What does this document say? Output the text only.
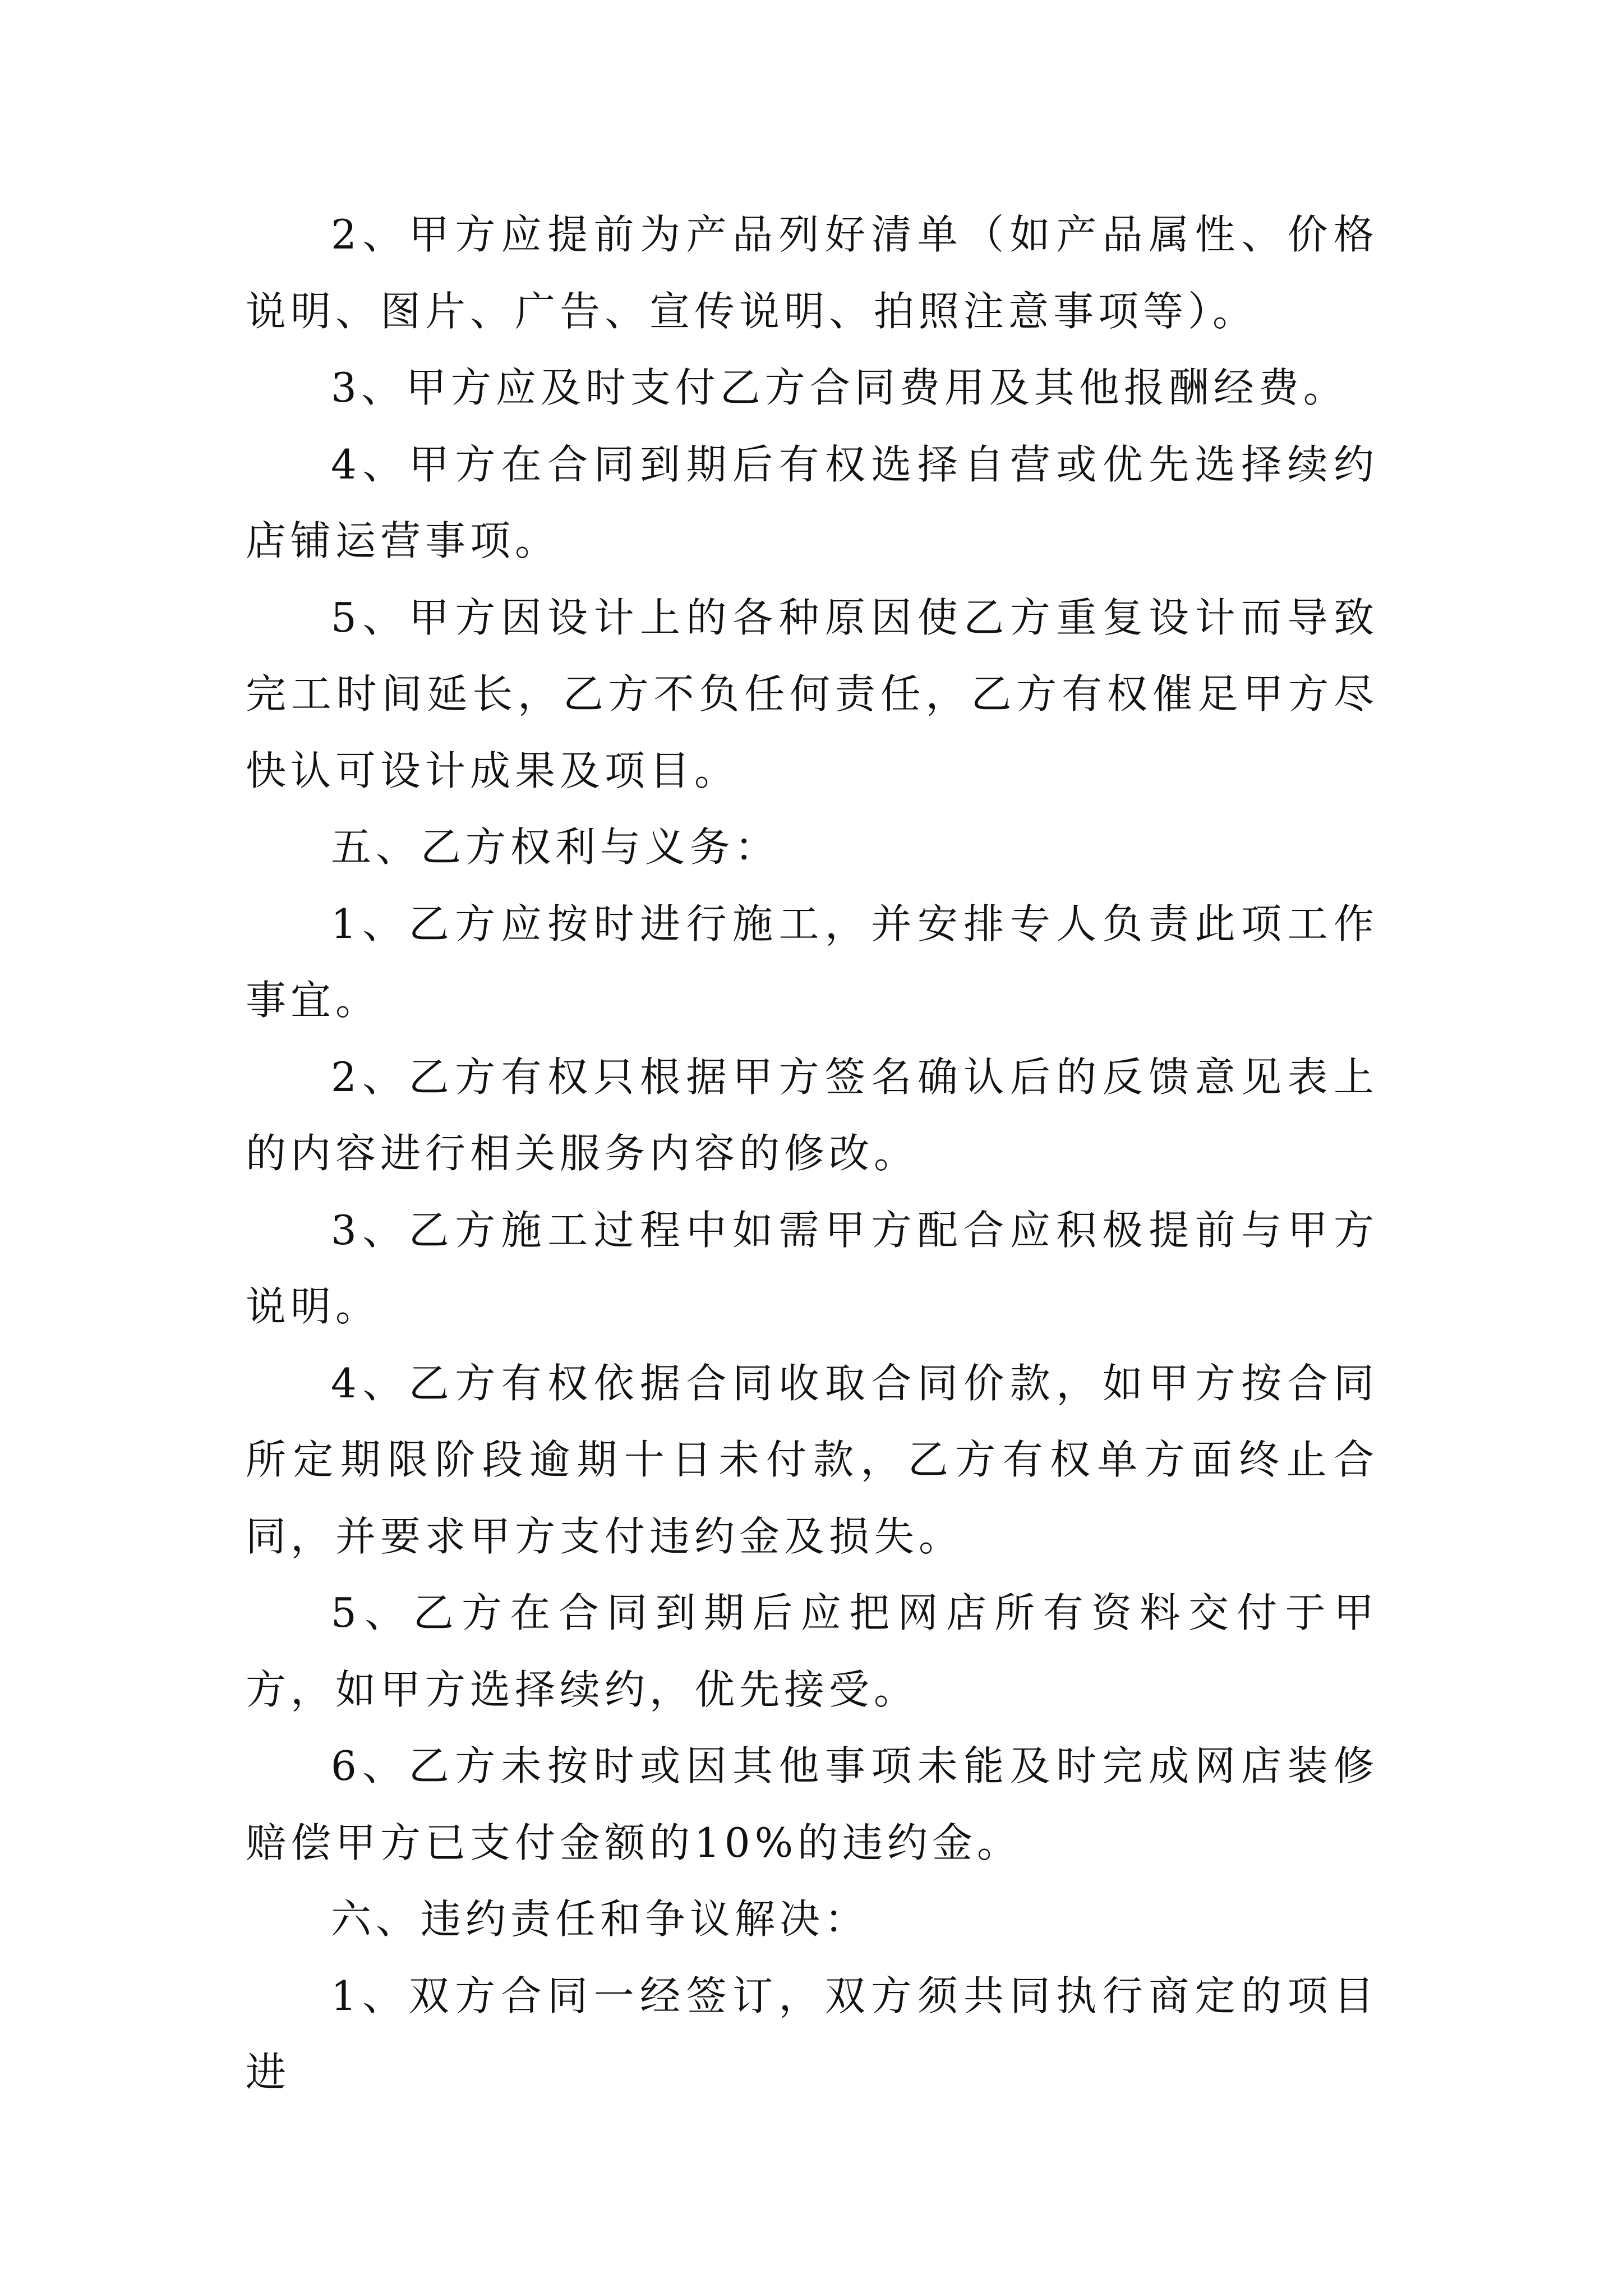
2、甲方应提前为产品列好清单（如产品属性、价格说明、图片、广告、宣传说明、拍照注意事项等）。

3、甲方应及时支付乙方合同费用及其他报酬经费。

4、甲方在合同到期后有权选择自营或优先选择续约店铺运营事项。

5、甲方因设计上的各种原因使乙方重复设计而导致完工时间延长，乙方不负任何责任，乙方有权催足甲方尽快认可设计成果及项目。

五、乙方权利与义务：

1、乙方应按时进行施工，并安排专人负责此项工作事宜。

2、乙方有权只根据甲方签名确认后的反馈意见表上的内容进行相关服务内容的修改。

3、乙方施工过程中如需甲方配合应积极提前与甲方说明。

4、乙方有权依据合同收取合同价款，如甲方按合同所定期限阶段逾期十日未付款，乙方有权单方面终止合同，并要求甲方支付违约金及损失。

5、乙方在合同到期后应把网店所有资料交付于甲方，如甲方选择续约，优先接受。

6、乙方未按时或因其他事项未能及时完成网店装修赔偿甲方已支付金额的10%的违约金。

六、违约责任和争议解决：

1、双方合同一经签订，双方须共同执行商定的项目进
